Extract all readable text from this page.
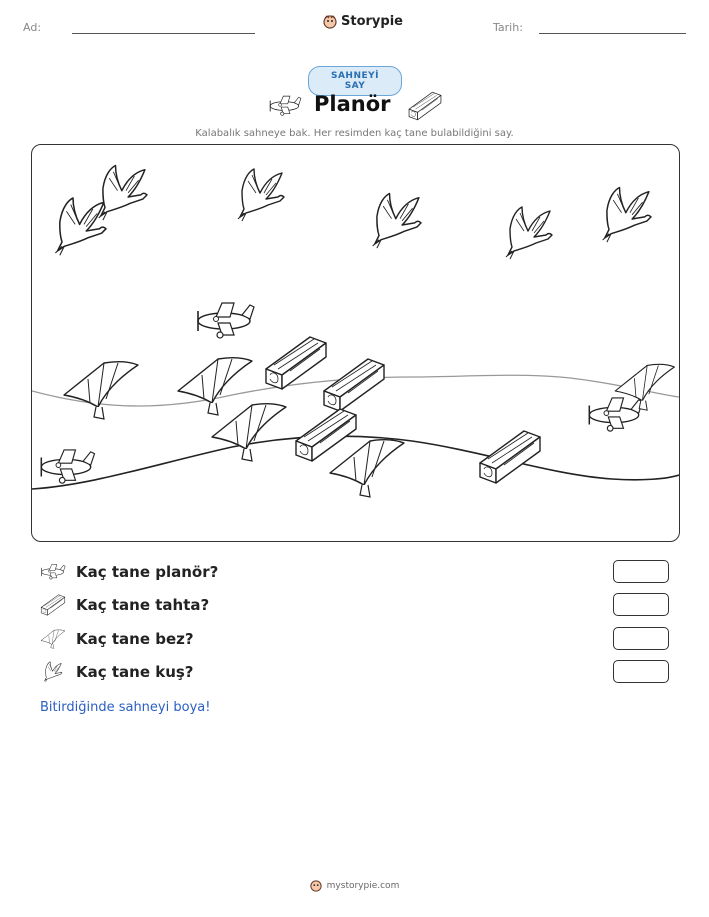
Ad:	Storypie	Tarih:
SAHNEYİ SAY
Planör
Kalabalık sahneye bak. Her resimden kaç tane bulabildiğini say.
Kaç tane planör?
Kaç tane tahta?
Kaç tane bez?
Kaç tane kuş?
Bitirdiğinde sahneyi boya!
mystorypie.com
